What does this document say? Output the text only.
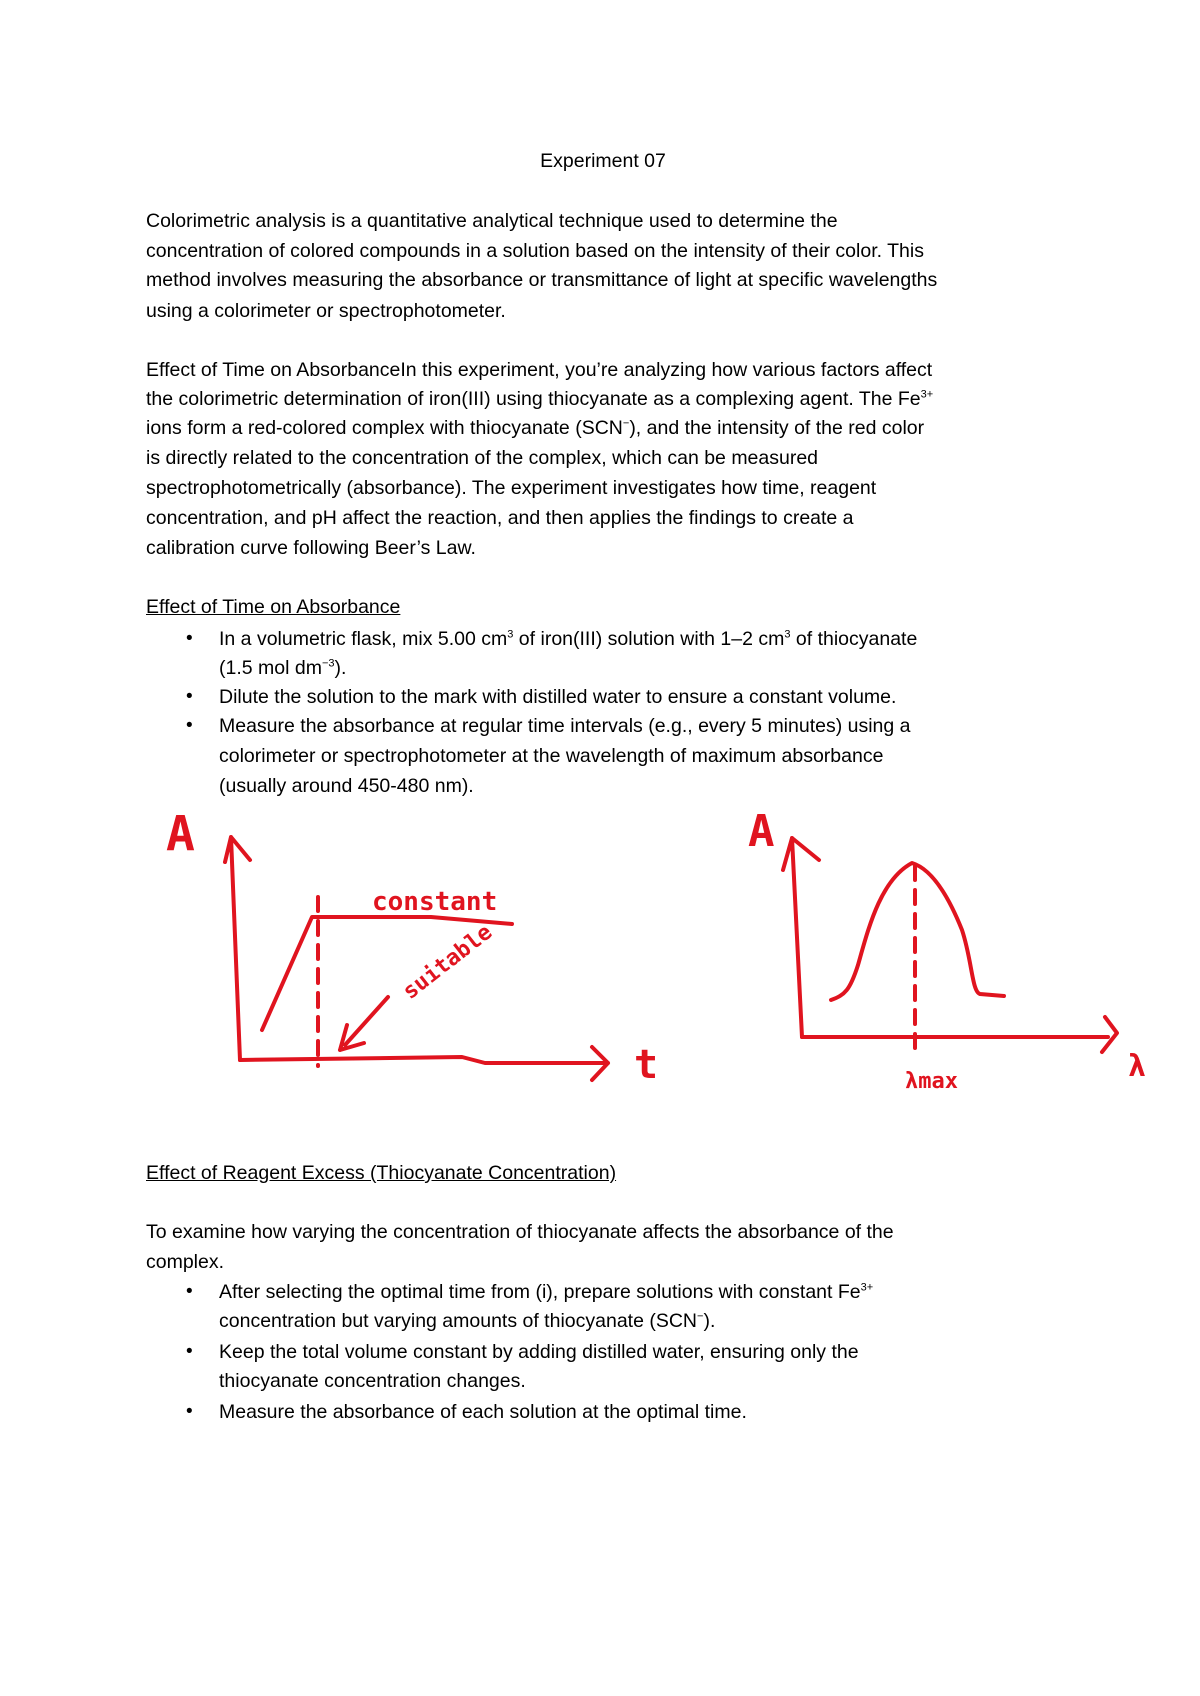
Experiment 07
Colorimetric analysis is a quantitative analytical technique used to determine the
concentration of colored compounds in a solution based on the intensity of their color. This
method involves measuring the absorbance or transmittance of light at specific wavelengths
using a colorimeter or spectrophotometer.
Effect of Time on AbsorbanceIn this experiment, you’re analyzing how various factors affect
the colorimetric determination of iron(III) using thiocyanate as a complexing agent. The $Fe^{3+}$
ions form a red-colored complex with thiocyanate (SCN−), and the intensity of the red color
is directly related to the concentration of the complex, which can be measured
spectrophotometrically (absorbance). The experiment investigates how time, reagent
concentration, and pH affect the reaction, and then applies the findings to create a
calibration curve following Beer’s Law.
Effect of Time on Absorbance
• In a volumetric flask, mix 5.00 $cm^3$ of iron(III) solution with 1–2 $cm^3$ of thiocyanate
(1.5 mol $dm^{-3}$).
• Dilute the solution to the mark with distilled water to ensure a constant volume.
• Measure the absorbance at regular time intervals (e.g., every 5 minutes) using a
colorimeter or spectrophotometer at the wavelength of maximum absorbance
(usually around 450-480 nm).
A
t
constant
suitable
A
λ
λmax
Effect of Reagent Excess (Thiocyanate Concentration)
To examine how varying the concentration of thiocyanate affects the absorbance of the
complex.
• After selecting the optimal time from (i), prepare solutions with constant $Fe^{3+}$
concentration but varying amounts of thiocyanate (SCN−).
• Keep the total volume constant by adding distilled water, ensuring only the
thiocyanate concentration changes.
• Measure the absorbance of each solution at the optimal time.
